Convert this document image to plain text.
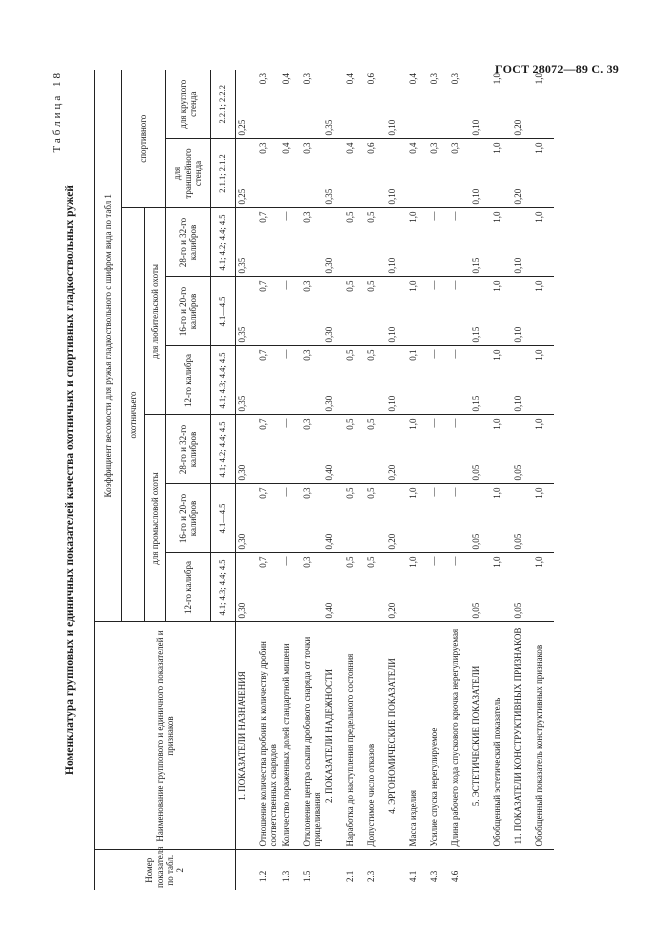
ГОСТ 28072—89 С. 39
Таблица 18
Номенклатура групповых и единичных показателей качества охотничьих и спортивных гладкоствольных ружей
Номер показателя по табл. 2	Наименование группового и единичного показателей и признаков	Коэффициент весомости для ружья гладкоствольного с шифром вида по табл 1							
		охотничьего						спортивного	
		для промысловой охоты			для любительской охоты				
		12-го калибра	16-го и 20-го калибров	28-го и 32-го калибров	12-го калибра	16-го и 20-го калибров	28-го и 32-го калибров	для траншейного стенда	для круглого стенда
		4.1; 4.3; 4.4; 4.5	4.1—4.5	4.1; 4.2; 4.4; 4.5	4.1; 4.3; 4.4; 4.5	4.1—4.5	4.1; 4.2; 4.4; 4.5	2.1.1; 2.1.2	2.2.1; 2.2.2
	1. ПОКАЗАТЕЛИ НАЗНАЧЕНИЯ	0,30	0,30	0,30	0,35	0,35	0,35	0,25	0,25

1.2	Отношение количества пробоин к количеству дробин соответственных снарядов	0,7	0,7	0,7	0,7	0,7	0,7	0,3	0,3

1.3	Количество пораженных долей стандартной мишени	—	—	—	—	—	—	0,4	0,4

1.5	Отклонение центра осыпи дробового снаряда от точки прицеливания	0,3	0,3	0,3	0,3	0,3	0,3	0,3	0,3

	2. ПОКАЗАТЕЛИ НАДЕЖНОСТИ	0,40	0,40	0,40	0,30	0,30	0,30	0,35	0,35

2.1	Наработка до наступления предельного состояния	0,5	0,5	0,5	0,5	0,5	0,5	0,4	0,4

2.3	Допустимое число отказов	0,5	0,5	0,5	0,5	0,5	0,5	0,6	0,6

	4. ЭРГОНОМИЧЕСКИЕ ПОКАЗАТЕЛИ	0,20	0,20	0,20	0,10	0,10	0,10	0,10	0,10

4.1	Масса изделия	1,0	1,0	1,0	0,1	1,0	1,0	0,4	0,4

4.3	Усилие спуска нерегулируемое	—	—	—	—	—	—	0,3	0,3

4.6	Длина рабочего хода спускового крючка нерегулируемая	—	—	—	—	—	—	0,3	0,3

	5. ЭСТЕТИЧЕСКИЕ ПОКАЗАТЕЛИ	0,05	0,05	0,05	0,15	0,15	0,15	0,10	0,10

	Обобщенный эстетический показатель	1,0	1,0	1,0	1,0	1,0	1,0	1,0	1,0

	11. ПОКАЗАТЕЛИ КОНСТРУКТИВНЫХ ПРИЗНАКОВ	0,05	0,05	0,05	0,10	0,10	0,10	0,20	0,20

	Обобщенный показатель конструктивных признаков	1,0	1,0	1,0	1,0	1,0	1,0	1,0	1,0
